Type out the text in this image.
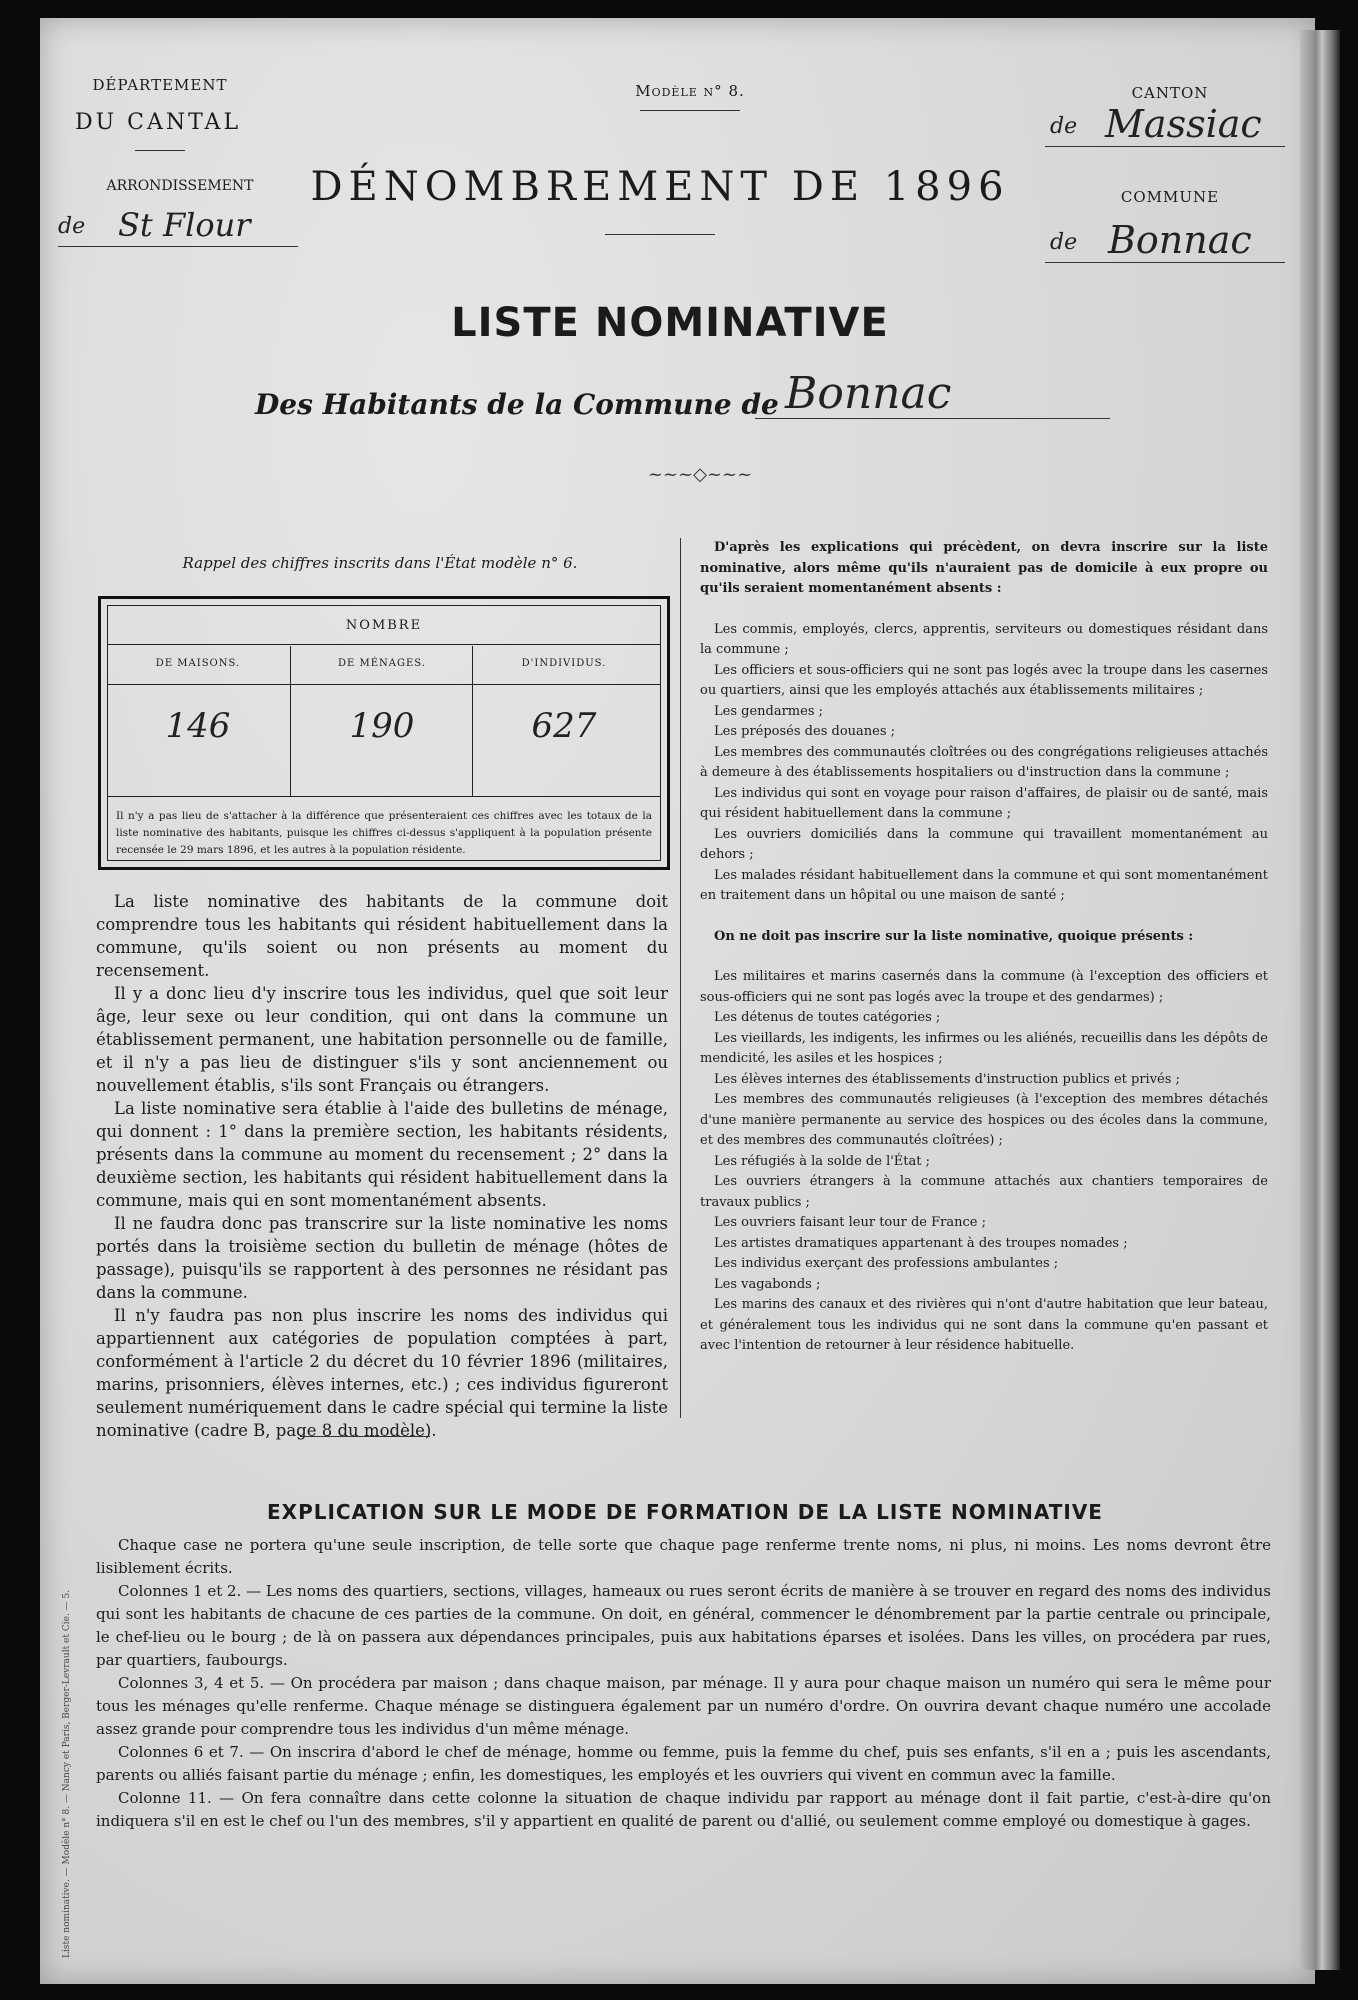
DÉPARTEMENT
DU CANTAL
ARRONDISSEMENT
de St Flour
Modèle n° 8.
DÉNOMBREMENT DE 1896
CANTON
de Massiac
COMMUNE
de Bonnac
LISTE NOMINATIVE
Des Habitants de la Commune de Bonnac
~~~◇~~~
Rappel des chiffres inscrits dans l'État modèle n° 6.
NOMBRE
DE MAISONS.	DE MÉNAGES.	D'INDIVIDUS.
146	190	627
Il n'y a pas lieu de s'attacher à la différence que présenteraient ces chiffres avec les totaux de la liste nominative des habitants, puisque les chiffres ci-dessus s'appliquent à la population présente recensée le 29 mars 1896, et les autres à la population résidente.

La liste nominative des habitants de la commune doit comprendre tous les habitants qui résident habituellement dans la commune, qu'ils soient ou non présents au moment du recensement.

Il y a donc lieu d'y inscrire tous les individus, quel que soit leur âge, leur sexe ou leur condition, qui ont dans la commune un établissement permanent, une habitation personnelle ou de famille, et il n'y a pas lieu de distinguer s'ils y sont anciennement ou nouvellement établis, s'ils sont Français ou étrangers.

La liste nominative sera établie à l'aide des bulletins de ménage, qui donnent : 1° dans la première section, les habitants résidents, présents dans la commune au moment du recensement ; 2° dans la deuxième section, les habitants qui résident habituellement dans la commune, mais qui en sont momentanément absents.

Il ne faudra donc pas transcrire sur la liste nominative les noms portés dans la troisième section du bulletin de ménage (hôtes de passage), puisqu'ils se rapportent à des personnes ne résidant pas dans la commune.

Il n'y faudra pas non plus inscrire les noms des individus qui appartiennent aux catégories de population comptées à part, conformément à l'article 2 du décret du 10 février 1896 (militaires, marins, prisonniers, élèves internes, etc.) ; ces individus figureront seulement numériquement dans le cadre spécial qui termine la liste nominative (cadre B, page 8 du modèle).

D'après les explications qui précèdent, on devra inscrire sur la liste nominative, alors même qu'ils n'auraient pas de domicile à eux propre ou qu'ils seraient momentanément absents :

Les commis, employés, clercs, apprentis, serviteurs ou domestiques résidant dans la commune ;

Les officiers et sous-officiers qui ne sont pas logés avec la troupe dans les casernes ou quartiers, ainsi que les employés attachés aux établissements militaires ;

Les gendarmes ;

Les préposés des douanes ;

Les membres des communautés cloîtrées ou des congrégations religieuses attachés à demeure à des établissements hospitaliers ou d'instruction dans la commune ;

Les individus qui sont en voyage pour raison d'affaires, de plaisir ou de santé, mais qui résident habituellement dans la commune ;

Les ouvriers domiciliés dans la commune qui travaillent momentanément au dehors ;

Les malades résidant habituellement dans la commune et qui sont momentanément en traitement dans un hôpital ou une maison de santé ;

On ne doit pas inscrire sur la liste nominative, quoique présents :

Les militaires et marins casernés dans la commune (à l'exception des officiers et sous-officiers qui ne sont pas logés avec la troupe et des gendarmes) ;

Les détenus de toutes catégories ;

Les vieillards, les indigents, les infirmes ou les aliénés, recueillis dans les dépôts de mendicité, les asiles et les hospices ;

Les élèves internes des établissements d'instruction publics et privés ;

Les membres des communautés religieuses (à l'exception des membres détachés d'une manière permanente au service des hospices ou des écoles dans la commune, et des membres des communautés cloîtrées) ;

Les réfugiés à la solde de l'État ;

Les ouvriers étrangers à la commune attachés aux chantiers temporaires de travaux publics ;

Les ouvriers faisant leur tour de France ;

Les artistes dramatiques appartenant à des troupes nomades ;

Les individus exerçant des professions ambulantes ;

Les vagabonds ;

Les marins des canaux et des rivières qui n'ont d'autre habitation que leur bateau, et généralement tous les individus qui ne sont dans la commune qu'en passant et avec l'intention de retourner à leur résidence habituelle.

EXPLICATION SUR LE MODE DE FORMATION DE LA LISTE NOMINATIVE

Chaque case ne portera qu'une seule inscription, de telle sorte que chaque page renferme trente noms, ni plus, ni moins. Les noms devront être lisiblement écrits.

Colonnes 1 et 2. — Les noms des quartiers, sections, villages, hameaux ou rues seront écrits de manière à se trouver en regard des noms des individus qui sont les habitants de chacune de ces parties de la commune. On doit, en général, commencer le dénombrement par la partie centrale ou principale, le chef-lieu ou le bourg ; de là on passera aux dépendances principales, puis aux habitations éparses et isolées. Dans les villes, on procédera par rues, par quartiers, faubourgs.

Colonnes 3, 4 et 5. — On procédera par maison ; dans chaque maison, par ménage. Il y aura pour chaque maison un numéro qui sera le même pour tous les ménages qu'elle renferme. Chaque ménage se distinguera également par un numéro d'ordre. On ouvrira devant chaque numéro une accolade assez grande pour comprendre tous les individus d'un même ménage.

Colonnes 6 et 7. — On inscrira d'abord le chef de ménage, homme ou femme, puis la femme du chef, puis ses enfants, s'il en a ; puis les ascendants, parents ou alliés faisant partie du ménage ; enfin, les domestiques, les employés et les ouvriers qui vivent en commun avec la famille.

Colonne 11. — On fera connaître dans cette colonne la situation de chaque individu par rapport au ménage dont il fait partie, c'est-à-dire qu'on indiquera s'il en est le chef ou l'un des membres, s'il y appartient en qualité de parent ou d'allié, ou seulement comme employé ou domestique à gages.

Liste nominative. — Modèle n° 8. — Nancy et Paris, Berger-Levrault et Cie. — 5.
